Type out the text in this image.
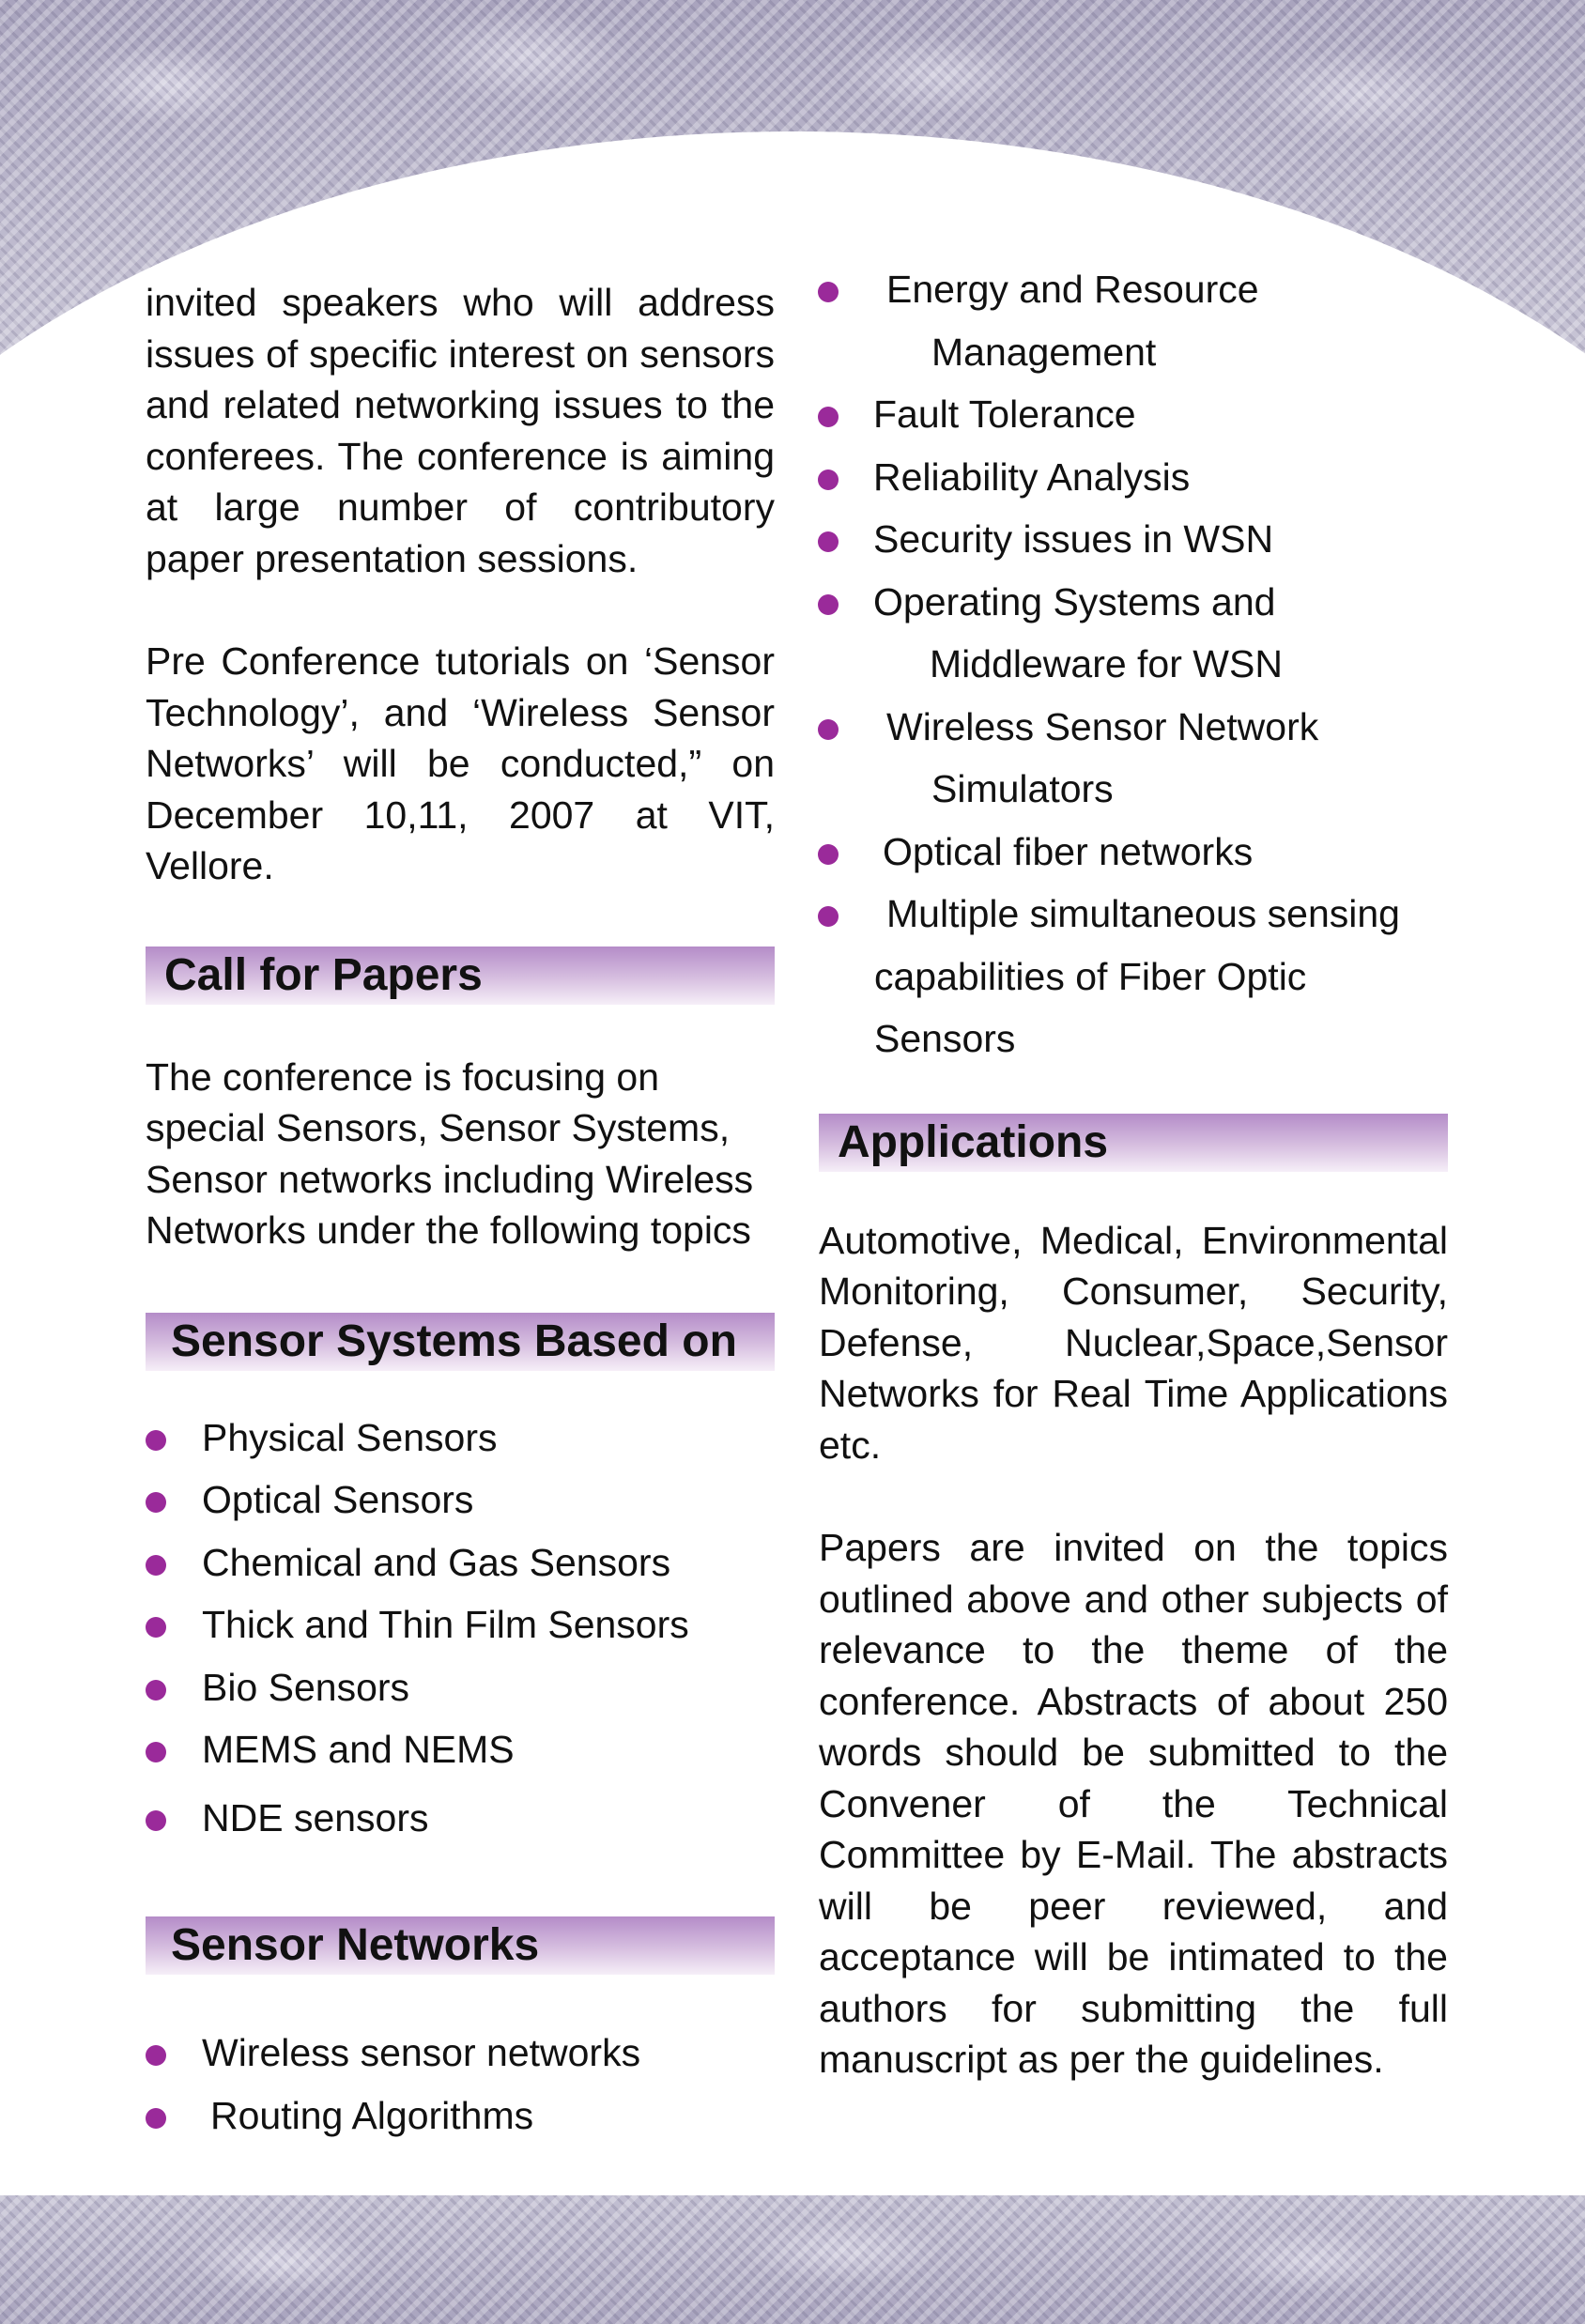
invited speakers who will address issues of specific interest on sensors and related networking issues to the conferees. The conference is aiming at large number of contributory paper presentation sessions.

Pre Conference tutorials on ‘Sensor Technology’, and ‘Wireless Sensor Networks’ will be conducted,” on December 10,11, 2007 at VIT, Vellore.

Call for Papers

The conference is focusing on special Sensors, Sensor Systems, Sensor networks including Wireless Networks under the following topics

Sensor Systems Based on
Physical Sensors
Optical Sensors
Chemical and Gas Sensors
Thick and Thin Film Sensors
Bio Sensors
MEMS and NEMS
NDE sensors
Sensor Networks
Wireless sensor networks
Routing Algorithms
Energy and Resource
Management
Fault Tolerance
Reliability Analysis
Security issues in WSN
Operating Systems and
Middleware for WSN
Wireless Sensor Network
Simulators
Optical fiber networks
Multiple simultaneous sensing
capabilities of Fiber Optic
Sensors
Applications

Automotive, Medical, Environmental Monitoring, Consumer, Security, Defense, Nuclear,Space,Sensor Networks for Real Time Applications etc.

Papers are invited on the topics outlined above and other subjects of relevance to the theme of the conference. Abstracts of about 250 words should be submitted to the Convener of the Technical Committee by E-Mail. The abstracts will be peer reviewed, and acceptance will be intimated to the authors for submitting the full manuscript as per the guidelines.
